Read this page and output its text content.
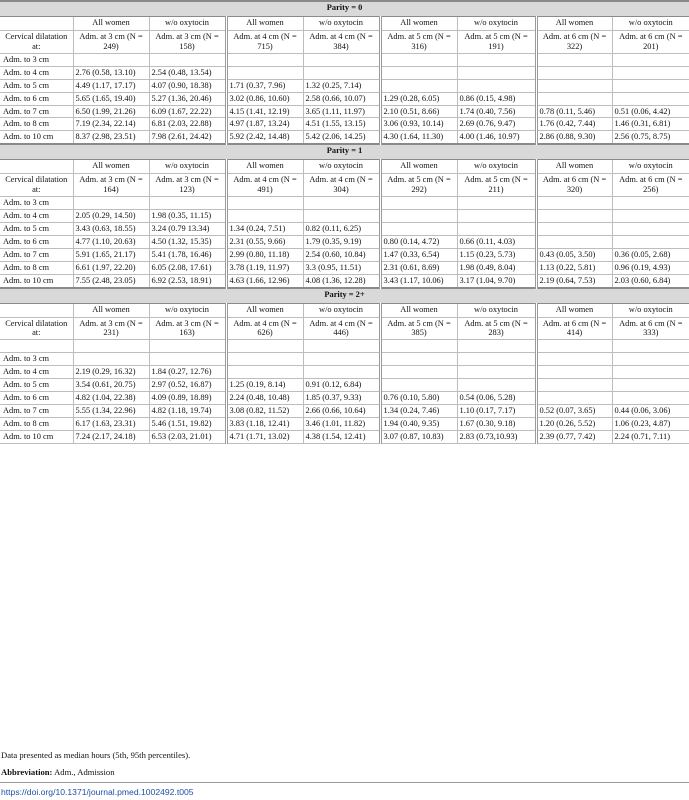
Parity = 0								
	All women	w/o oxytocin	All women	w/o oxytocin	All women	w/o oxytocin	All women	w/o oxytocin
Cervical dilatation at:	Adm. at 3 cm (N = 249)	Adm. at 3 cm (N = 158)	Adm. at 4 cm (N = 715)	Adm. at 4 cm (N = 384)	Adm. at 5 cm (N = 316)	Adm. at 5 cm (N = 191)	Adm. at 6 cm (N = 322)	Adm. at 6 cm (N = 201)
Adm. to 3 cm								
Adm. to 4 cm	2.76 (0.58, 13.10)	2.54 (0.48, 13.54)						
Adm. to 5 cm	4.49 (1.17, 17.17)	4.07 (0.90, 18.38)	1.71 (0.37, 7.96)	1.32 (0.25, 7.14)				
Adm. to 6 cm	5.65 (1.65, 19.40)	5.27 (1.36, 20.46)	3.02 (0.86, 10.60)	2.58 (0.66, 10.07)	1.29 (0.28, 6.05)	0.86 (0.15, 4.98)		
Adm. to 7 cm	6.50 (1.99, 21.26)	6.09 (1.67, 22.22)	4.15 (1.41, 12.19)	3.65 (1.11, 11.97)	2.10 (0.51, 8.66)	1.74 (0.40, 7.56)	0.78 (0.11, 5.46)	0.51 (0.06, 4.42)
Adm. to 8 cm	7.19 (2.34, 22.14)	6.81 (2.03, 22.88)	4.97 (1.87, 13.24)	4.51 (1.55, 13.15)	3.06 (0.93, 10.14)	2.69 (0.76, 9.47)	1.76 (0.42, 7.44)	1.46 (0.31, 6.81)
Adm. to 10 cm	8.37 (2.98, 23.51)	7.98 (2.61, 24.42)	5.92 (2.42, 14.48)	5.42 (2.06, 14.25)	4.30 (1.64, 11.30)	4.00 (1.46, 10.97)	2.86 (0.88, 9.30)	2.56 (0.75, 8.75)
Parity = 1								
	All women	w/o oxytocin	All women	w/o oxytocin	All women	w/o oxytocin	All women	w/o oxytocin
Cervical dilatation at:	Adm. at 3 cm (N = 164)	Adm. at 3 cm (N = 123)	Adm. at 4 cm (N = 491)	Adm. at 4 cm (N = 304)	Adm. at 5 cm (N = 292)	Adm. at 5 cm (N = 211)	Adm. at 6 cm (N = 320)	Adm. at 6 cm (N = 256)
Adm. to 3 cm								
Adm. to 4 cm	2.05 (0.29, 14.50)	1.98 (0.35, 11.15)						
Adm. to 5 cm	3.43 (0.63, 18.55)	3.24 (0.79 13.34)	1.34 (0.24, 7.51)	0.82 (0.11, 6.25)				
Adm. to 6 cm	4.77 (1.10, 20.63)	4.50 (1.32, 15.35)	2.31 (0.55, 9.66)	1.79 (0.35, 9.19)	0.80 (0.14, 4.72)	0.66 (0.11, 4.03)		
Adm. to 7 cm	5.91 (1.65, 21.17)	5.41 (1.78, 16.46)	2.99 (0.80, 11.18)	2.54 (0.60, 10.84)	1.47 (0.33, 6.54)	1.15 (0.23, 5.73)	0.43 (0.05, 3.50)	0.36 (0.05, 2.68)
Adm. to 8 cm	6.61 (1.97, 22.20)	6.05 (2.08, 17.61)	3.78 (1.19, 11.97)	3.3 (0.95, 11.51)	2.31 (0.61, 8.69)	1.98 (0.49, 8.04)	1.13 (0.22, 5.81)	0.96 (0.19, 4.93)
Adm. to 10 cm	7.55 (2.48, 23.05)	6.92 (2.53, 18.91)	4.63 (1.66, 12.96)	4.08 (1.36, 12.28)	3.43 (1.17, 10.06)	3.17 (1.04, 9.70)	2.19 (0.64, 7.53)	2.03 (0.60, 6.84)
Parity = 2+								
	All women	w/o oxytocin	All women	w/o oxytocin	All women	w/o oxytocin	All women	w/o oxytocin
Cervical dilatation at:	Adm. at 3 cm (N = 231)	Adm. at 3 cm (N = 163)	Adm. at 4 cm (N = 626)	Adm. at 4 cm (N = 446)	Adm. at 5 cm (N = 385)	Adm. at 5 cm (N = 283)	Adm. at 6 cm (N = 414)	Adm. at 6 cm (N = 333)

Adm. to 3 cm								
Adm. to 4 cm	2.19 (0.29, 16.32)	1.84 (0.27, 12.76)						
Adm. to 5 cm	3.54 (0.61, 20.75)	2.97 (0.52, 16.87)	1.25 (0.19, 8.14)	0.91 (0.12, 6.84)				
Adm. to 6 cm	4.82 (1.04, 22.38)	4.09 (0.89, 18.89)	2.24 (0.48, 10.48)	1.85 (0.37, 9.33)	0.76 (0.10, 5.80)	0.54 (0.06, 5.28)		
Adm. to 7 cm	5.55 (1.34, 22.96)	4.82 (1.18, 19.74)	3.08 (0.82, 11.52)	2.66 (0.66, 10.64)	1.34 (0.24, 7.46)	1.10 (0.17, 7.17)	0.52 (0.07, 3.65)	0.44 (0.06, 3.06)
Adm. to 8 cm	6.17 (1.63, 23.31)	5.46 (1.51, 19.82)	3.83 (1.18, 12.41)	3.46 (1.01, 11.82)	1.94 (0.40, 9.35)	1.67 (0.30, 9.18)	1.20 (0.26, 5.52)	1.06 (0.23, 4.87)
Adm. to 10 cm	7.24 (2.17, 24.18)	6.53 (2.03, 21.01)	4.71 (1.71, 13.02)	4.38 (1.54, 12.41)	3.07 (0.87, 10.83)	2.83 (0.73,10.93)	2.39 (0.77, 7.42)	2.24 (0.71, 7.11)
Data presented as median hours (5th, 95th percentiles).
Abbreviation: Adm., Admission
https://doi.org/10.1371/journal.pmed.1002492.t005
